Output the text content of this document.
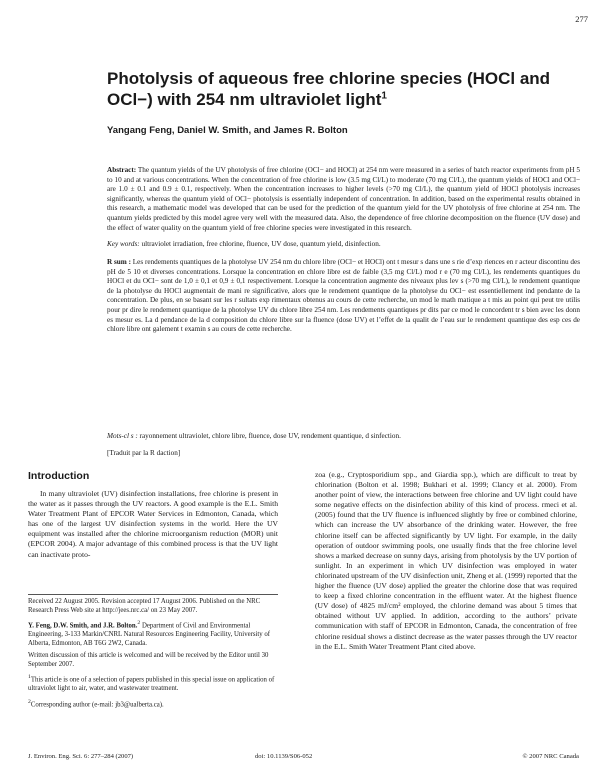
277
Photolysis of aqueous free chlorine species (HOCl and OCl−) with 254 nm ultraviolet light$^1$
Yangang Feng, Daniel W. Smith, and James R. Bolton
Abstract: The quantum yields of the UV photolysis of free chlorine (OCl− and HOCl) at 254 nm were measured in a series of batch reactor experiments from pH 5 to 10 and at various concentrations. When the concentration of free chlorine is low (3.5 mg Cl/L) to moderate (70 mg Cl/L), the quantum yields of HOCl and OCl− are 1.0 ± 0.1 and 0.9 ± 0.1, respectively. When the concentration increases to higher levels (>70 mg Cl/L), the quantum yield of HOCl photolysis increases significantly, whereas the quantum yield of OCl− photolysis is essentially independent of concentration. In addition, based on the experimental results obtained in this research, a mathematic model was developed that can be used for the prediction of the quantum yield for the UV photolysis of free chlorine at 254 nm. The quantum yields predicted by this model agree very well with the measured data. Also, the dependence of free chlorine decomposition on the fluence (UV dose) and the effect of water quality on the quantum yield of free chlorine species were investigated in this research.
Key words: ultraviolet irradiation, free chlorine, fluence, UV dose, quantum yield, disinfection.
R sum : Les rendements quantiques de la photolyse UV 254 nm du chlore libre (OCl− et HOCl) ont t mesur s dans une s rie d’exp riences en r acteur discontinu des pH de 5 10 et diverses concentrations. Lorsque la concentration en chlore libre est de faible (3,5 mg Cl/L) mod r e (70 mg Cl/L), les rendements quantiques du HOCl et du OCl− sont de 1,0 ± 0,1 et 0,9 ± 0,1 respectivement. Lorsque la concentration augmente des niveaux plus lev s (>70 mg Cl/L), le rendement quantique de la photolyse du HOCl augmentait de mani re significative, alors que le rendement quantique de la photolyse du OCl− est essentiellement ind pendante de la concentration. De plus, en se basant sur les r sultats exp rimentaux obtenus au cours de cette recherche, un mod le math matique a t mis au point qui peut tre utilis pour pr dire le rendement quantique de la photolyse UV du chlore libre 254 nm. Les rendements quantiques pr dits par ce mod le concordent tr s bien avec les donn es mesur es. La d pendance de la d composition du chlore libre sur la fluence (dose UV) et l’effet de la qualit de l’eau sur le rendement quantique des esp ces de chlore libre ont galement t examin s au cours de cette recherche.
Mots-cl s : rayonnement ultraviolet, chlore libre, fluence, dose UV, rendement quantique, d sinfection.
[Traduit par la R daction]
Introduction
In many ultraviolet (UV) disinfection installations, free chlorine is present in the water as it passes through the UV reactors. A good example is the E.L. Smith Water Treatment Plant of EPCOR Water Services in Edmonton, Canada, which has one of the largest UV disinfection systems in the world. Here the UV equipment was installed after the chlorine microorganism reduction (MOR) unit (EPCOR 2004). A major advantage of this combined process is that the UV light can inactivate proto-
zoa (e.g., Cryptosporidium spp., and Giardia spp.), which are difficult to treat by chlorination (Bolton et al. 1998; Bukhari et al. 1999; Clancy et al. 2000). From another point of view, the interactions between free chlorine and UV light could have some negative effects on the disinfection ability of this kind of process. rmeci et al. (2005) found that the UV fluence is influenced slightly by free or combined chlorine, which can increase the UV absorbance of the drinking water. However, the free chlorine itself can be affected significantly by UV light. For example, in the daily operation of outdoor swimming pools, one usually finds that the free chlorine level shows a marked decrease on sunny days, arising from photolysis by the UV portion of sunlight. In an experiment in which UV disinfection was employed in water chlorinated upstream of the UV disinfection unit, Zheng et al. (1999) reported that the higher the fluence (UV dose) applied the greater the chlorine dose that was required to keep a fixed chlorine concentration in the effluent water. At the highest fluence (UV dose) of 4825 mJ/cm² employed, the chlorine demand was about 5 times that obtained without UV applied. In addition, according to the authors’ private communication with staff of EPCOR in Edmonton, Canada, the concentration of free chlorine residual shows a distinct decrease as the water passes through the UV reactor in the E.L. Smith Water Treatment Plant cited above.

Received 22 August 2005. Revision accepted 17 August 2006. Published on the NRC Research Press Web site at http://jees.nrc.ca/ on 23 May 2007.

Y. Feng, D.W. Smith, and J.R. Bolton.$^2$ Department of Civil and Environmental Engineering, 3-133 Markin/CNRL Natural Resources Engineering Facility, University of Alberta, Edmonton, AB T6G 2W2, Canada.

Written discussion of this article is welcomed and will be received by the Editor until 30 September 2007.

$^1$This article is one of a selection of papers published in this special issue on application of ultraviolet light to air, water, and wastewater treatment.

$^2$Corresponding author (e-mail: jb3@ualberta.ca).

J. Environ. Eng. Sci. 6: 277–284 (2007)	doi: 10.1139/S06-052	© 2007 NRC Canada
